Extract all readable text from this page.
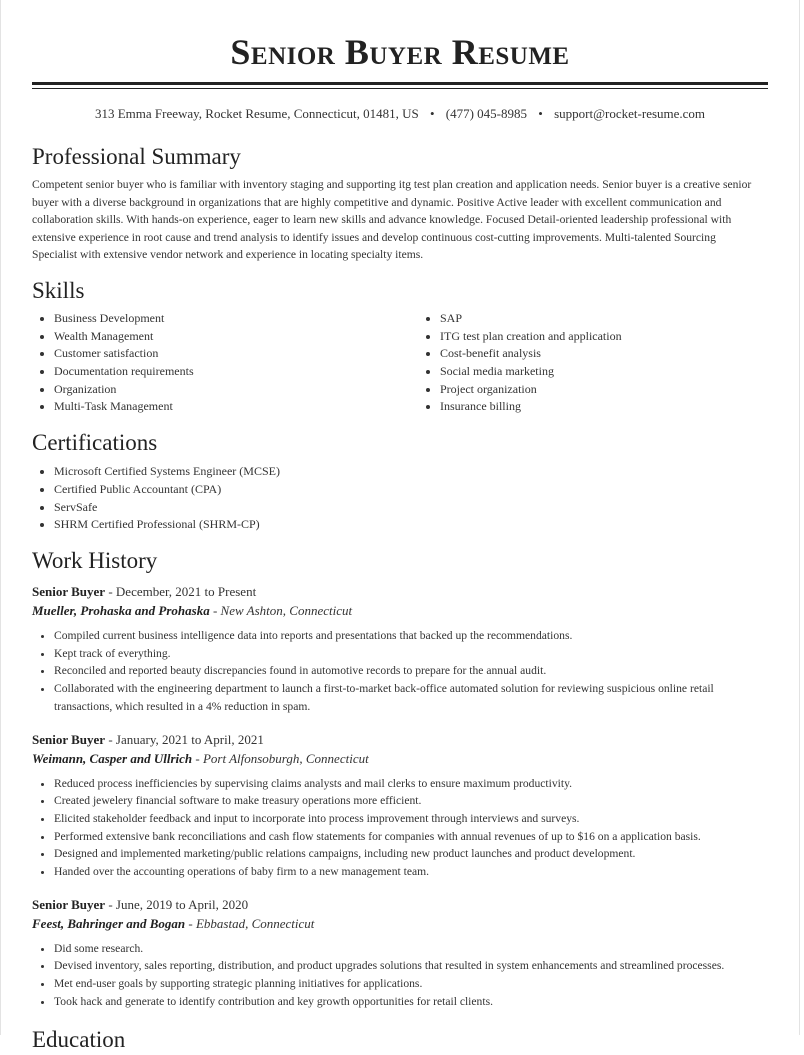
Senior Buyer Resume
313 Emma Freeway, Rocket Resume, Connecticut, 01481, US • (477) 045-8985 • support@rocket-resume.com
Professional Summary

Competent senior buyer who is familiar with inventory staging and supporting itg test plan creation and application needs. Senior buyer is a creative senior buyer with a diverse background in organizations that are highly competitive and dynamic. Positive Active leader with excellent communication and collaboration skills. With hands-on experience, eager to learn new skills and advance knowledge. Focused Detail-oriented leadership professional with extensive experience in root cause and trend analysis to identify issues and develop continuous cost-cutting improvements. Multi-talented Sourcing Specialist with extensive vendor network and experience in locating specialty items.

Skills
• Business Development
• Wealth Management
• Customer satisfaction
• Documentation requirements
• Organization
• Multi-Task Management
• SAP
• ITG test plan creation and application
• Cost-benefit analysis
• Social media marketing
• Project organization
• Insurance billing
Certifications
• Microsoft Certified Systems Engineer (MCSE)
• Certified Public Accountant (CPA)
• ServSafe
• SHRM Certified Professional (SHRM-CP)
Work History
Senior Buyer - December, 2021 to Present
Mueller, Prohaska and Prohaska - New Ashton, Connecticut
• Compiled current business intelligence data into reports and presentations that backed up the recommendations.
• Kept track of everything.
• Reconciled and reported beauty discrepancies found in automotive records to prepare for the annual audit.
• Collaborated with the engineering department to launch a first-to-market back-office automated solution for reviewing suspicious online retail transactions, which resulted in a 4% reduction in spam.
Senior Buyer - January, 2021 to April, 2021
Weimann, Casper and Ullrich - Port Alfonsoburgh, Connecticut
• Reduced process inefficiencies by supervising claims analysts and mail clerks to ensure maximum productivity.
• Created jewelery financial software to make treasury operations more efficient.
• Elicited stakeholder feedback and input to incorporate into process improvement through interviews and surveys.
• Performed extensive bank reconciliations and cash flow statements for companies with annual revenues of up to $16 on a application basis.
• Designed and implemented marketing/public relations campaigns, including new product launches and product development.
• Handed over the accounting operations of baby firm to a new management team.
Senior Buyer - June, 2019 to April, 2020
Feest, Bahringer and Bogan - Ebbastad, Connecticut
• Did some research.
• Devised inventory, sales reporting, distribution, and product upgrades solutions that resulted in system enhancements and streamlined processes.
• Met end-user goals by supporting strategic planning initiatives for applications.
• Took hack and generate to identify contribution and key growth opportunities for retail clients.
Education
